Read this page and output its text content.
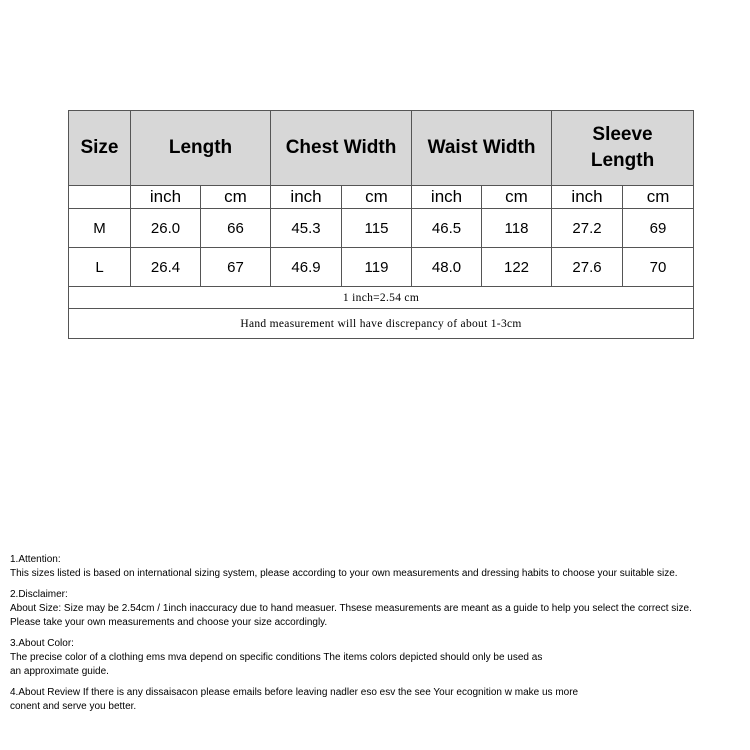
Size	Length		Chest Width		Waist Width		Sleeve
Length	
	inch	cm	inch	cm	inch	cm	inch	cm
M	26.0	66	45.3	115	46.5	118	27.2	69
L	26.4	67	46.9	119	48.0	122	27.6	70
1 inch=2.54 cm								
Hand measurement will have discrepancy of about 1-3cm								

1.Attention:

This sizes listed is based on international sizing system, please according to your own measurements and dressing habits to choose your suitable size.

2.Disclaimer:

About Size: Size may be 2.54cm / 1inch inaccuracy due to hand measuer. Thsese measurements are meant as a guide to help you select the correct size.

Please take your own measurements and choose your size accordingly.

3.About Color:

The precise color of a clothing ems mva depend on specific conditions The items colors depicted should only be used as

an approximate guide.

4.About Review If there is any dissaisacon please emails before leaving nadler eso esv the see Your ecognition w make us more

conent and serve you better.
